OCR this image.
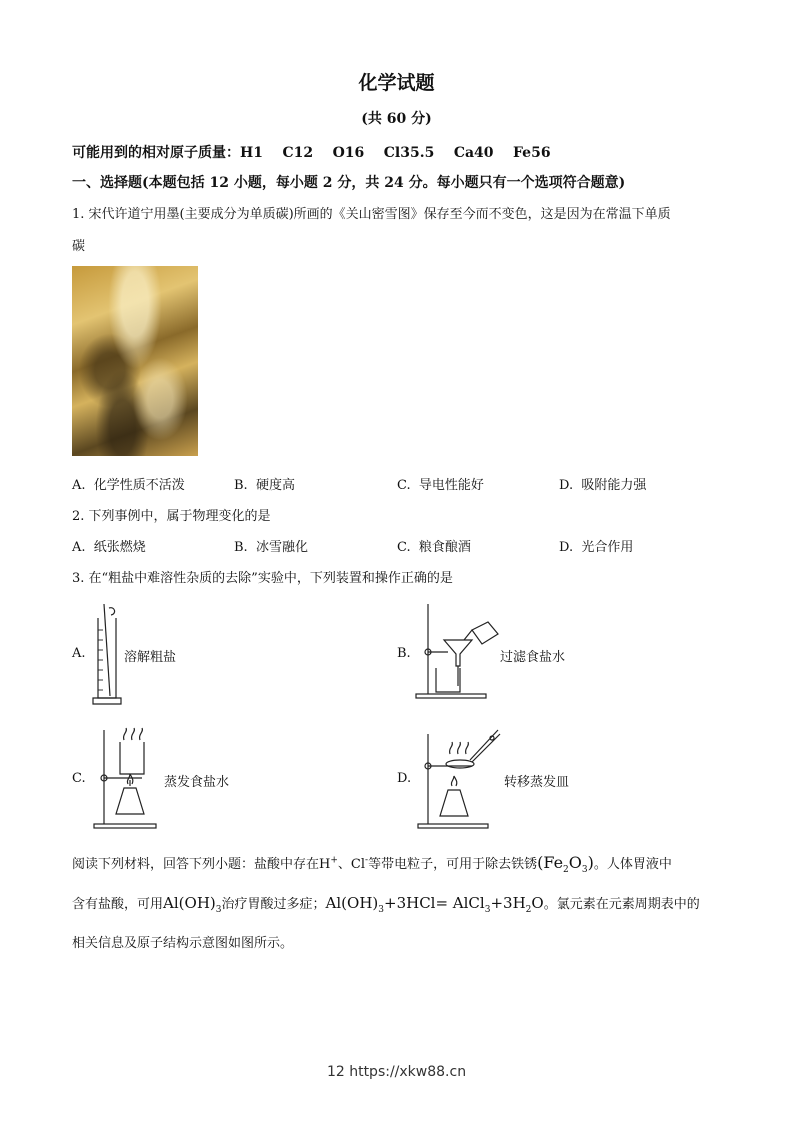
化学试题
(共 60 分)
可能用到的相对原子质量：H1    C12    O16    Cl35.5    Ca40    Fe56
一、选择题(本题包括 12 小题，每小题 2 分，共 24 分。每小题只有一个选项符合题意)
1. 宋代许道宁用墨(主要成分为单质碳)所画的《关山密雪图》保存至今而不变色，这是因为在常温下单质
碳
A.  化学性质不活泼	B.  硬度高	C.  导电性能好	D.  吸附能力强
2. 下列事例中，属于物理变化的是
A.  纸张燃烧	B.  冰雪融化	C.  粮食酿酒	D.  光合作用
3. 在“粗盐中难溶性杂质的去除”实验中，下列装置和操作正确的是
A.	溶解粗盐	B.	过滤食盐水
C.	蒸发食盐水	D.	转移蒸发皿
阅读下列材料，回答下列小题：盐酸中存在H+、Cl-等带电粒子，可用于除去铁锈$(Fe_2O_3)$。人体胃液中
含有盐酸，可用$Al(OH)_3$治疗胃酸过多症；$Al(OH)_3+3HCl=$ $AlCl_3+3H_2O$。氯元素在元素周期表中的
相关信息及原子结构示意图如图所示。
12 https://xkw88.cn
